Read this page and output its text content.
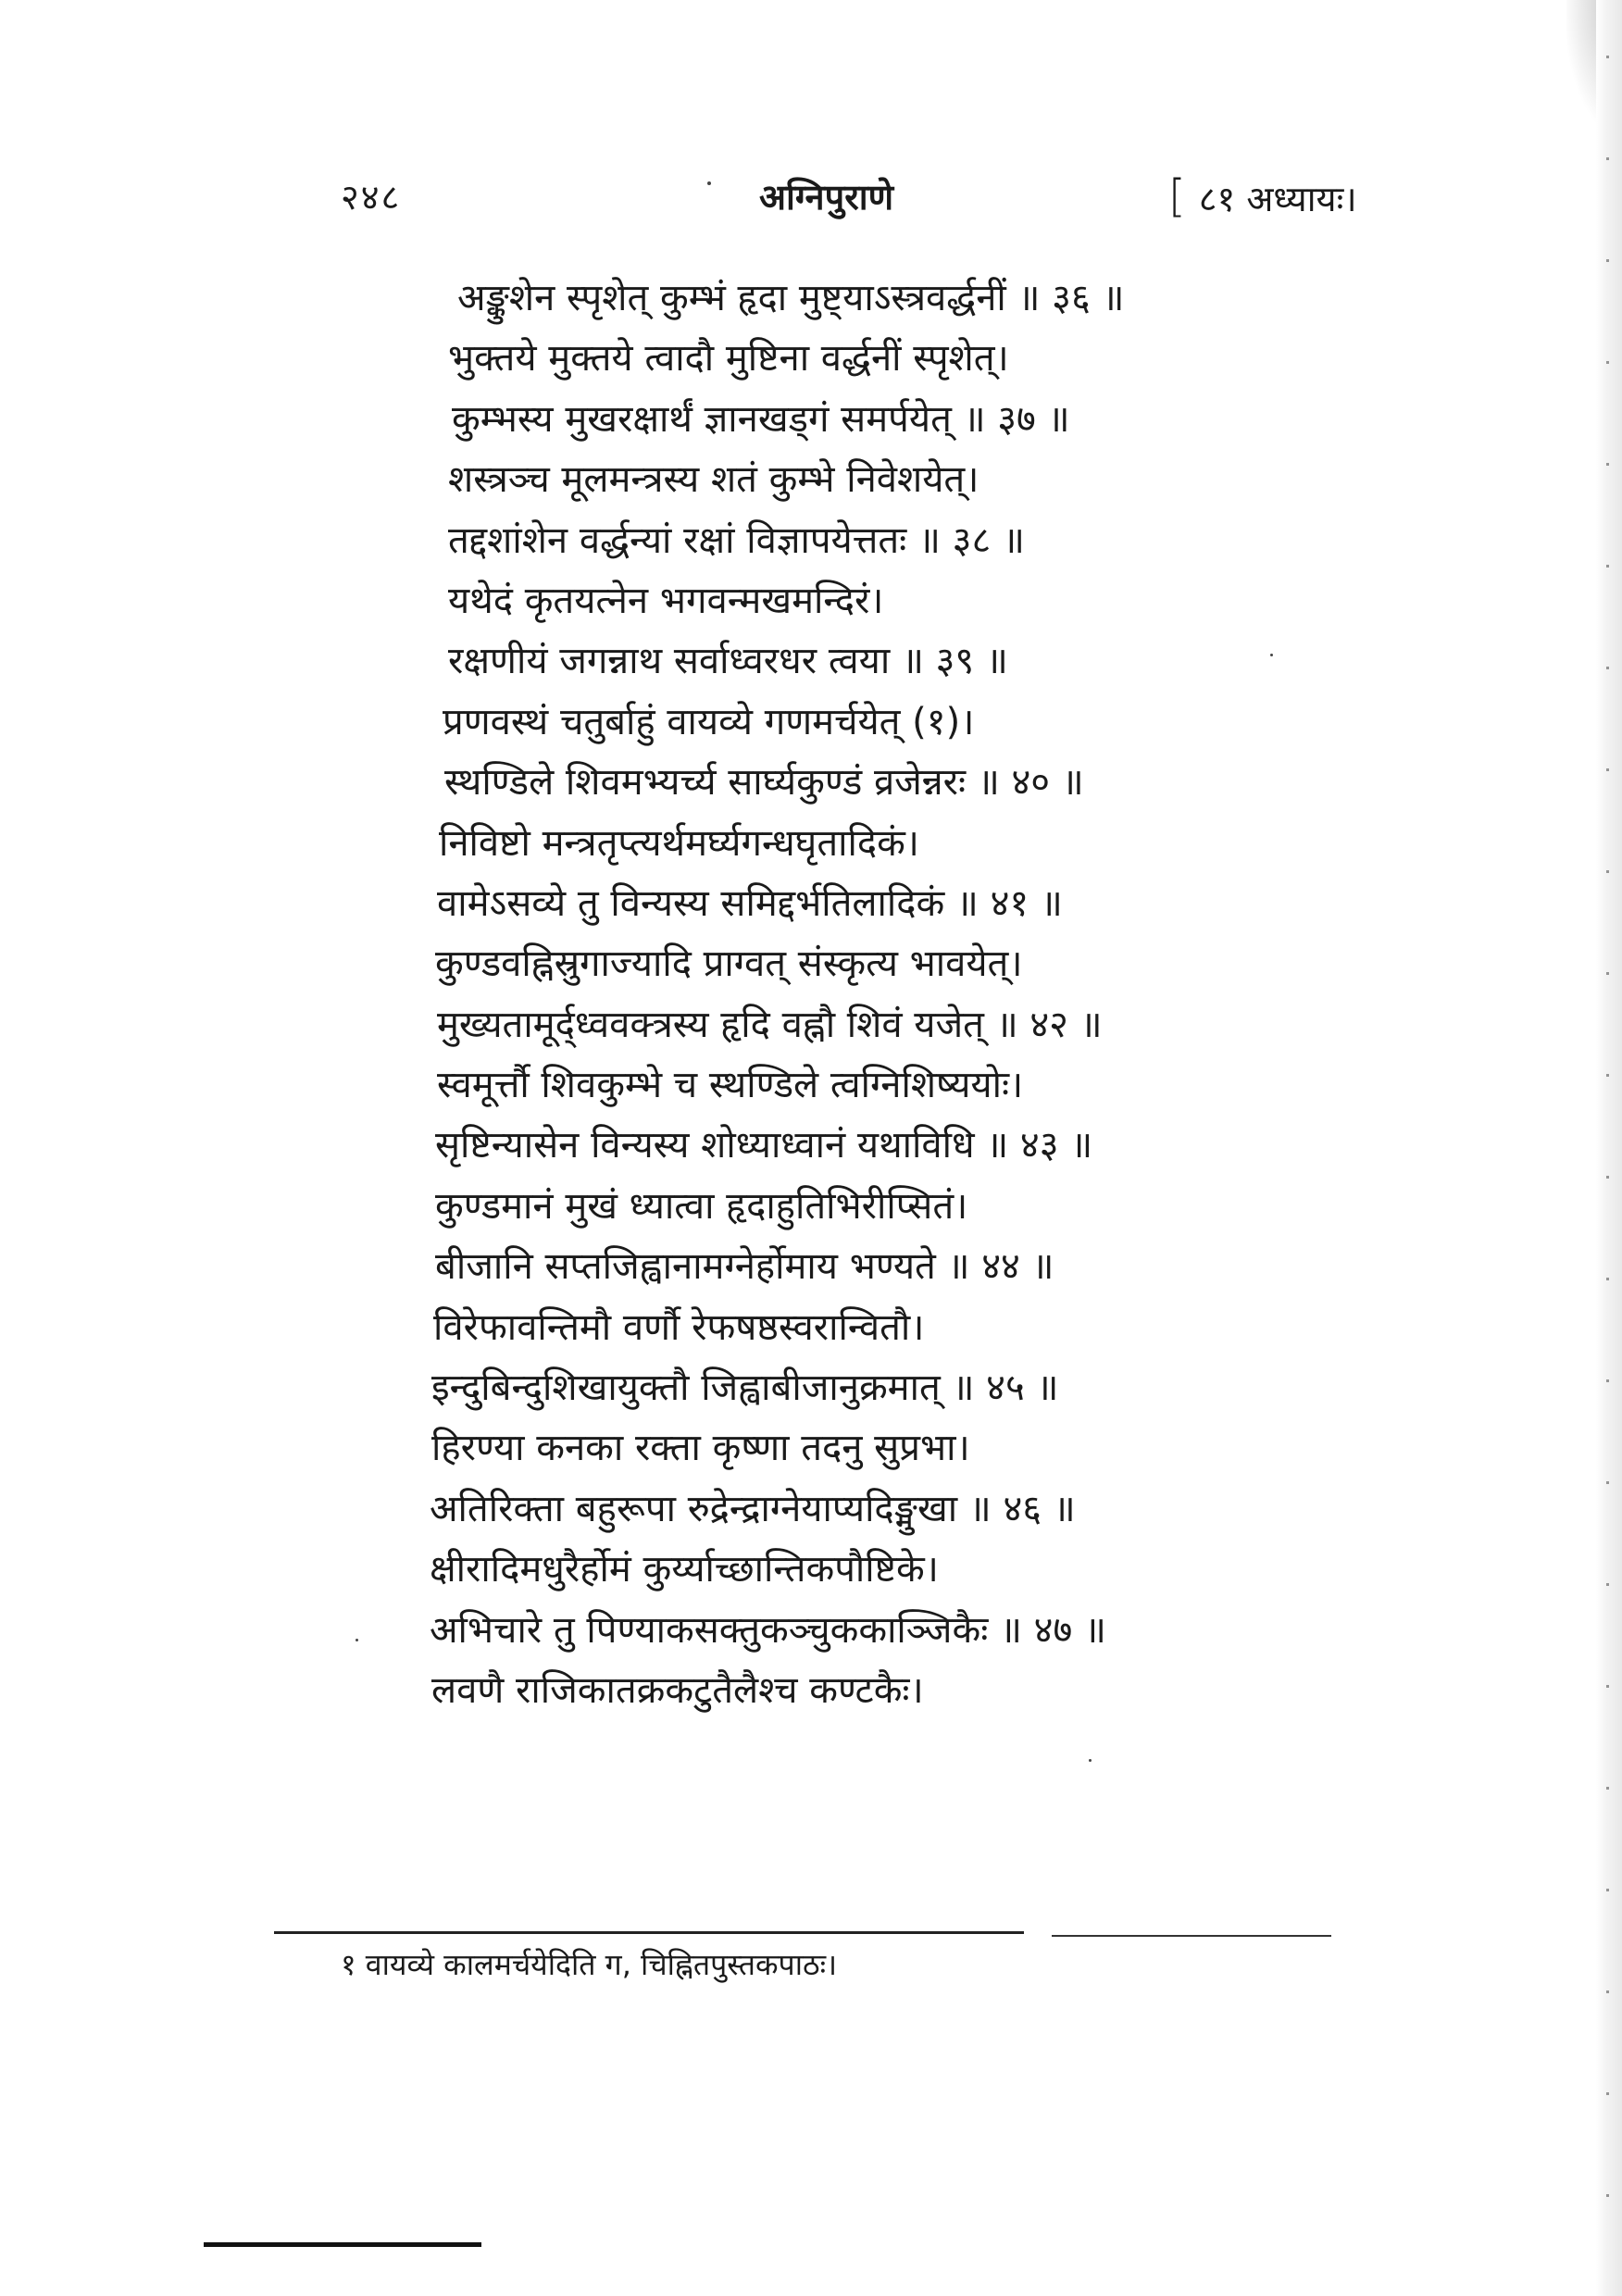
२४८	अग्निपुराणे	[ ८१ अध्यायः।
अङ्कुशेन स्पृशेत् कुम्भं हृदा मुष्ट्याऽस्त्रवर्द्धनीं ॥ ३६ ॥
भुक्तये मुक्तये त्वादौ मुष्टिना वर्द्धनीं स्पृशेत्।
कुम्भस्य मुखरक्षार्थं ज्ञानखड्गं समर्पयेत् ॥ ३७ ॥
शस्त्रञ्च मूलमन्त्रस्य शतं कुम्भे निवेशयेत्।
तद्दशांशेन वर्द्धन्यां रक्षां विज्ञापयेत्ततः ॥ ३८ ॥
यथेदं कृतयत्नेन भगवन्मखमन्दिरं।
रक्षणीयं जगन्नाथ सर्वाध्वरधर त्वया ॥ ३९ ॥
प्रणवस्थं चतुर्बाहुं वायव्ये गणमर्चयेत् (१)।
स्थण्डिले शिवमभ्यर्च्य सार्घ्यकुण्डं व्रजेन्नरः ॥ ४० ॥
निविष्टो मन्त्रतृप्त्यर्थमर्घ्यगन्धघृतादिकं।
वामेऽसव्ये तु विन्यस्य समिद्दर्भतिलादिकं ॥ ४१ ॥
कुण्डवह्निस्रुगाज्यादि प्राग्वत् संस्कृत्य भावयेत्।
मुख्यतामूर्द्ध्ववक्त्रस्य हृदि वह्नौ शिवं यजेत् ॥ ४२ ॥
स्वमूर्त्तौ शिवकुम्भे च स्थण्डिले त्वग्निशिष्ययोः।
सृष्टिन्यासेन विन्यस्य शोध्याध्वानं यथाविधि ॥ ४३ ॥
कुण्डमानं मुखं ध्यात्वा हृदाहुतिभिरीप्सितं।
बीजानि सप्तजिह्वानामग्नेर्होमाय भण्यते ॥ ४४ ॥
विरेफावन्तिमौ वर्णौ रेफषष्ठस्वरान्वितौ।
इन्दुबिन्दुशिखायुक्तौ जिह्वाबीजानुक्रमात् ॥ ४५ ॥
हिरण्या कनका रक्ता कृष्णा तदनु सुप्रभा।
अतिरिक्ता बहुरूपा रुद्रेन्द्राग्नेयाप्यदिङ्मुखा ॥ ४६ ॥
क्षीरादिमधुरैर्होमं कुर्य्याच्छान्तिकपौष्टिके।
अभिचारे तु पिण्याकसक्तुकञ्चुककाञ्जिकैः ॥ ४७ ॥
लवणै राजिकातक्रकटुतैलैश्च कण्टकैः।
१ वायव्ये कालमर्चयेदिति ग, चिह्नितपुस्तकपाठः।
